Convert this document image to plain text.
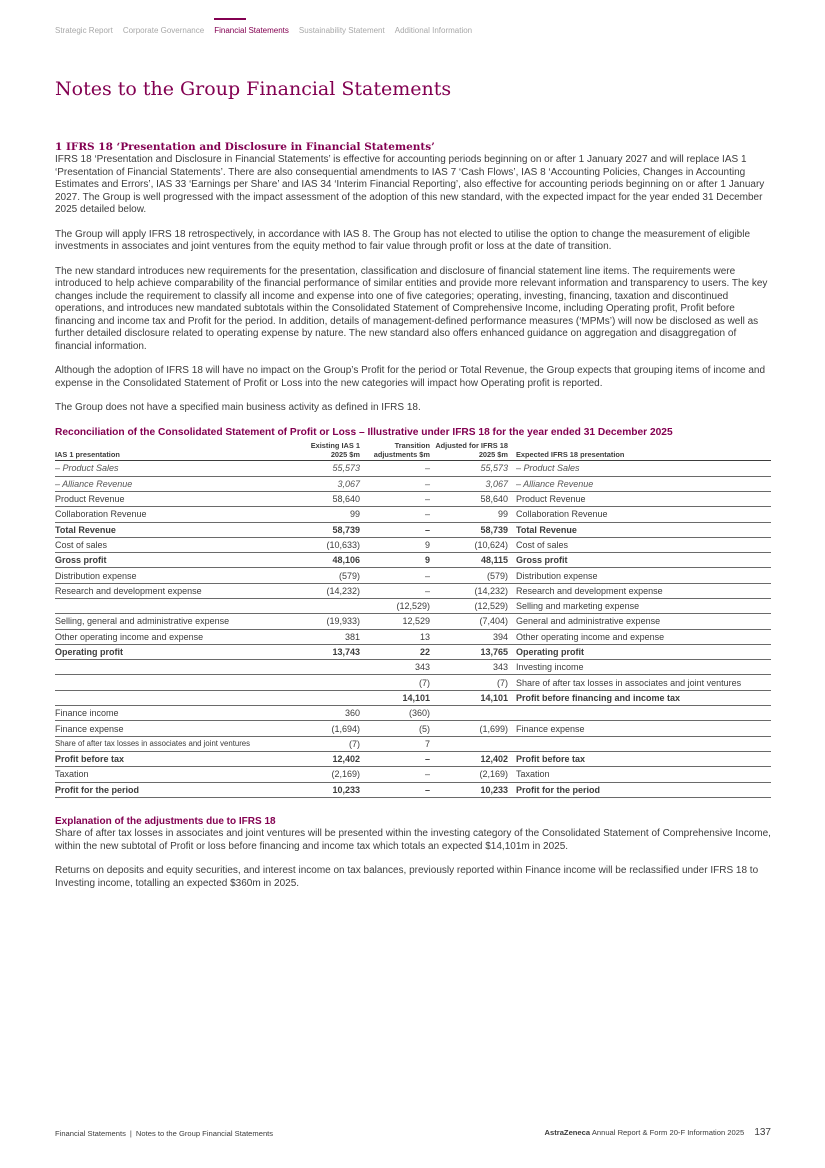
Strategic Report Corporate Governance Financial Statements Sustainability Statement Additional Information
Notes to the Group Financial Statements
1 IFRS 18 ‘Presentation and Disclosure in Financial Statements’

IFRS 18 ‘Presentation and Disclosure in Financial Statements’ is effective for accounting periods beginning on or after 1 January 2027 and will replace IAS 1 ‘Presentation of Financial Statements’. There are also consequential amendments to IAS 7 ‘Cash Flows’, IAS 8 ‘Accounting Policies, Changes in Accounting Estimates and Errors’, IAS 33 ‘Earnings per Share’ and IAS 34 ‘Interim Financial Reporting’, also effective for accounting periods beginning on or after 1 January 2027. The Group is well progressed with the impact assessment of the adoption of this new standard, with the expected impact for the year ended 31 December 2025 detailed below.

The Group will apply IFRS 18 retrospectively, in accordance with IAS 8. The Group has not elected to utilise the option to change the measurement of eligible investments in associates and joint ventures from the equity method to fair value through profit or loss at the date of transition.

The new standard introduces new requirements for the presentation, classification and disclosure of financial statement line items. The requirements were introduced to help achieve comparability of the financial performance of similar entities and provide more relevant information and transparency to users. The key changes include the requirement to classify all income and expense into one of five categories; operating, investing, financing, taxation and discontinued operations, and introduces new mandated subtotals within the Consolidated Statement of Comprehensive Income, including Operating profit, Profit before financing and income tax and Profit for the period. In addition, details of management-defined performance measures (‘MPMs’) will now be disclosed as well as further detailed disclosure related to operating expense by nature. The new standard also offers enhanced guidance on aggregation and disaggregation of financial information.

Although the adoption of IFRS 18 will have no impact on the Group’s Profit for the period or Total Revenue, the Group expects that grouping items of income and expense in the Consolidated Statement of Profit or Loss into the new categories will impact how Operating profit is reported.

The Group does not have a specified main business activity as defined in IFRS 18.

Reconciliation of the Consolidated Statement of Profit or Loss – Illustrative under IFRS 18 for the year ended 31 December 2025
IAS 1 presentation	Existing IAS 1 2025 $m	Transition adjustments $m	Adjusted for IFRS 18 2025 $m	Expected IFRS 18 presentation
– Product Sales	55,573	–	55,573	– Product Sales
– Alliance Revenue	3,067	–	3,067	– Alliance Revenue
Product Revenue	58,640	–	58,640	Product Revenue
Collaboration Revenue	99	–	99	Collaboration Revenue
Total Revenue	58,739	–	58,739	Total Revenue
Cost of sales	(10,633)	9	(10,624)	Cost of sales
Gross profit	48,106	9	48,115	Gross profit
Distribution expense	(579)	–	(579)	Distribution expense
Research and development expense	(14,232)	–	(14,232)	Research and development expense
		(12,529)	(12,529)	Selling and marketing expense
Selling, general and administrative expense	(19,933)	12,529	(7,404)	General and administrative expense
Other operating income and expense	381	13	394	Other operating income and expense
Operating profit	13,743	22	13,765	Operating profit
		343	343	Investing income
		(7)	(7)	Share of after tax losses in associates and joint ventures
		14,101	14,101	Profit before financing and income tax
Finance income	360	(360)		
Finance expense	(1,694)	(5)	(1,699)	Finance expense
Share of after tax losses in associates and joint ventures	(7)	7		
Profit before tax	12,402	–	12,402	Profit before tax
Taxation	(2,169)	–	(2,169)	Taxation
Profit for the period	10,233	–	10,233	Profit for the period
Explanation of the adjustments due to IFRS 18

Share of after tax losses in associates and joint ventures will be presented within the investing category of the Consolidated Statement of Comprehensive Income, within the new subtotal of Profit or loss before financing and income tax which totals an expected $14,101m in 2025.

Returns on deposits and equity securities, and interest income on tax balances, previously reported within Finance income will be reclassified under IFRS 18 to Investing income, totalling an expected $360m in 2025.

Financial Statements | Notes to the Group Financial Statements	AstraZeneca Annual Report & Form 20-F Information 2025 137
